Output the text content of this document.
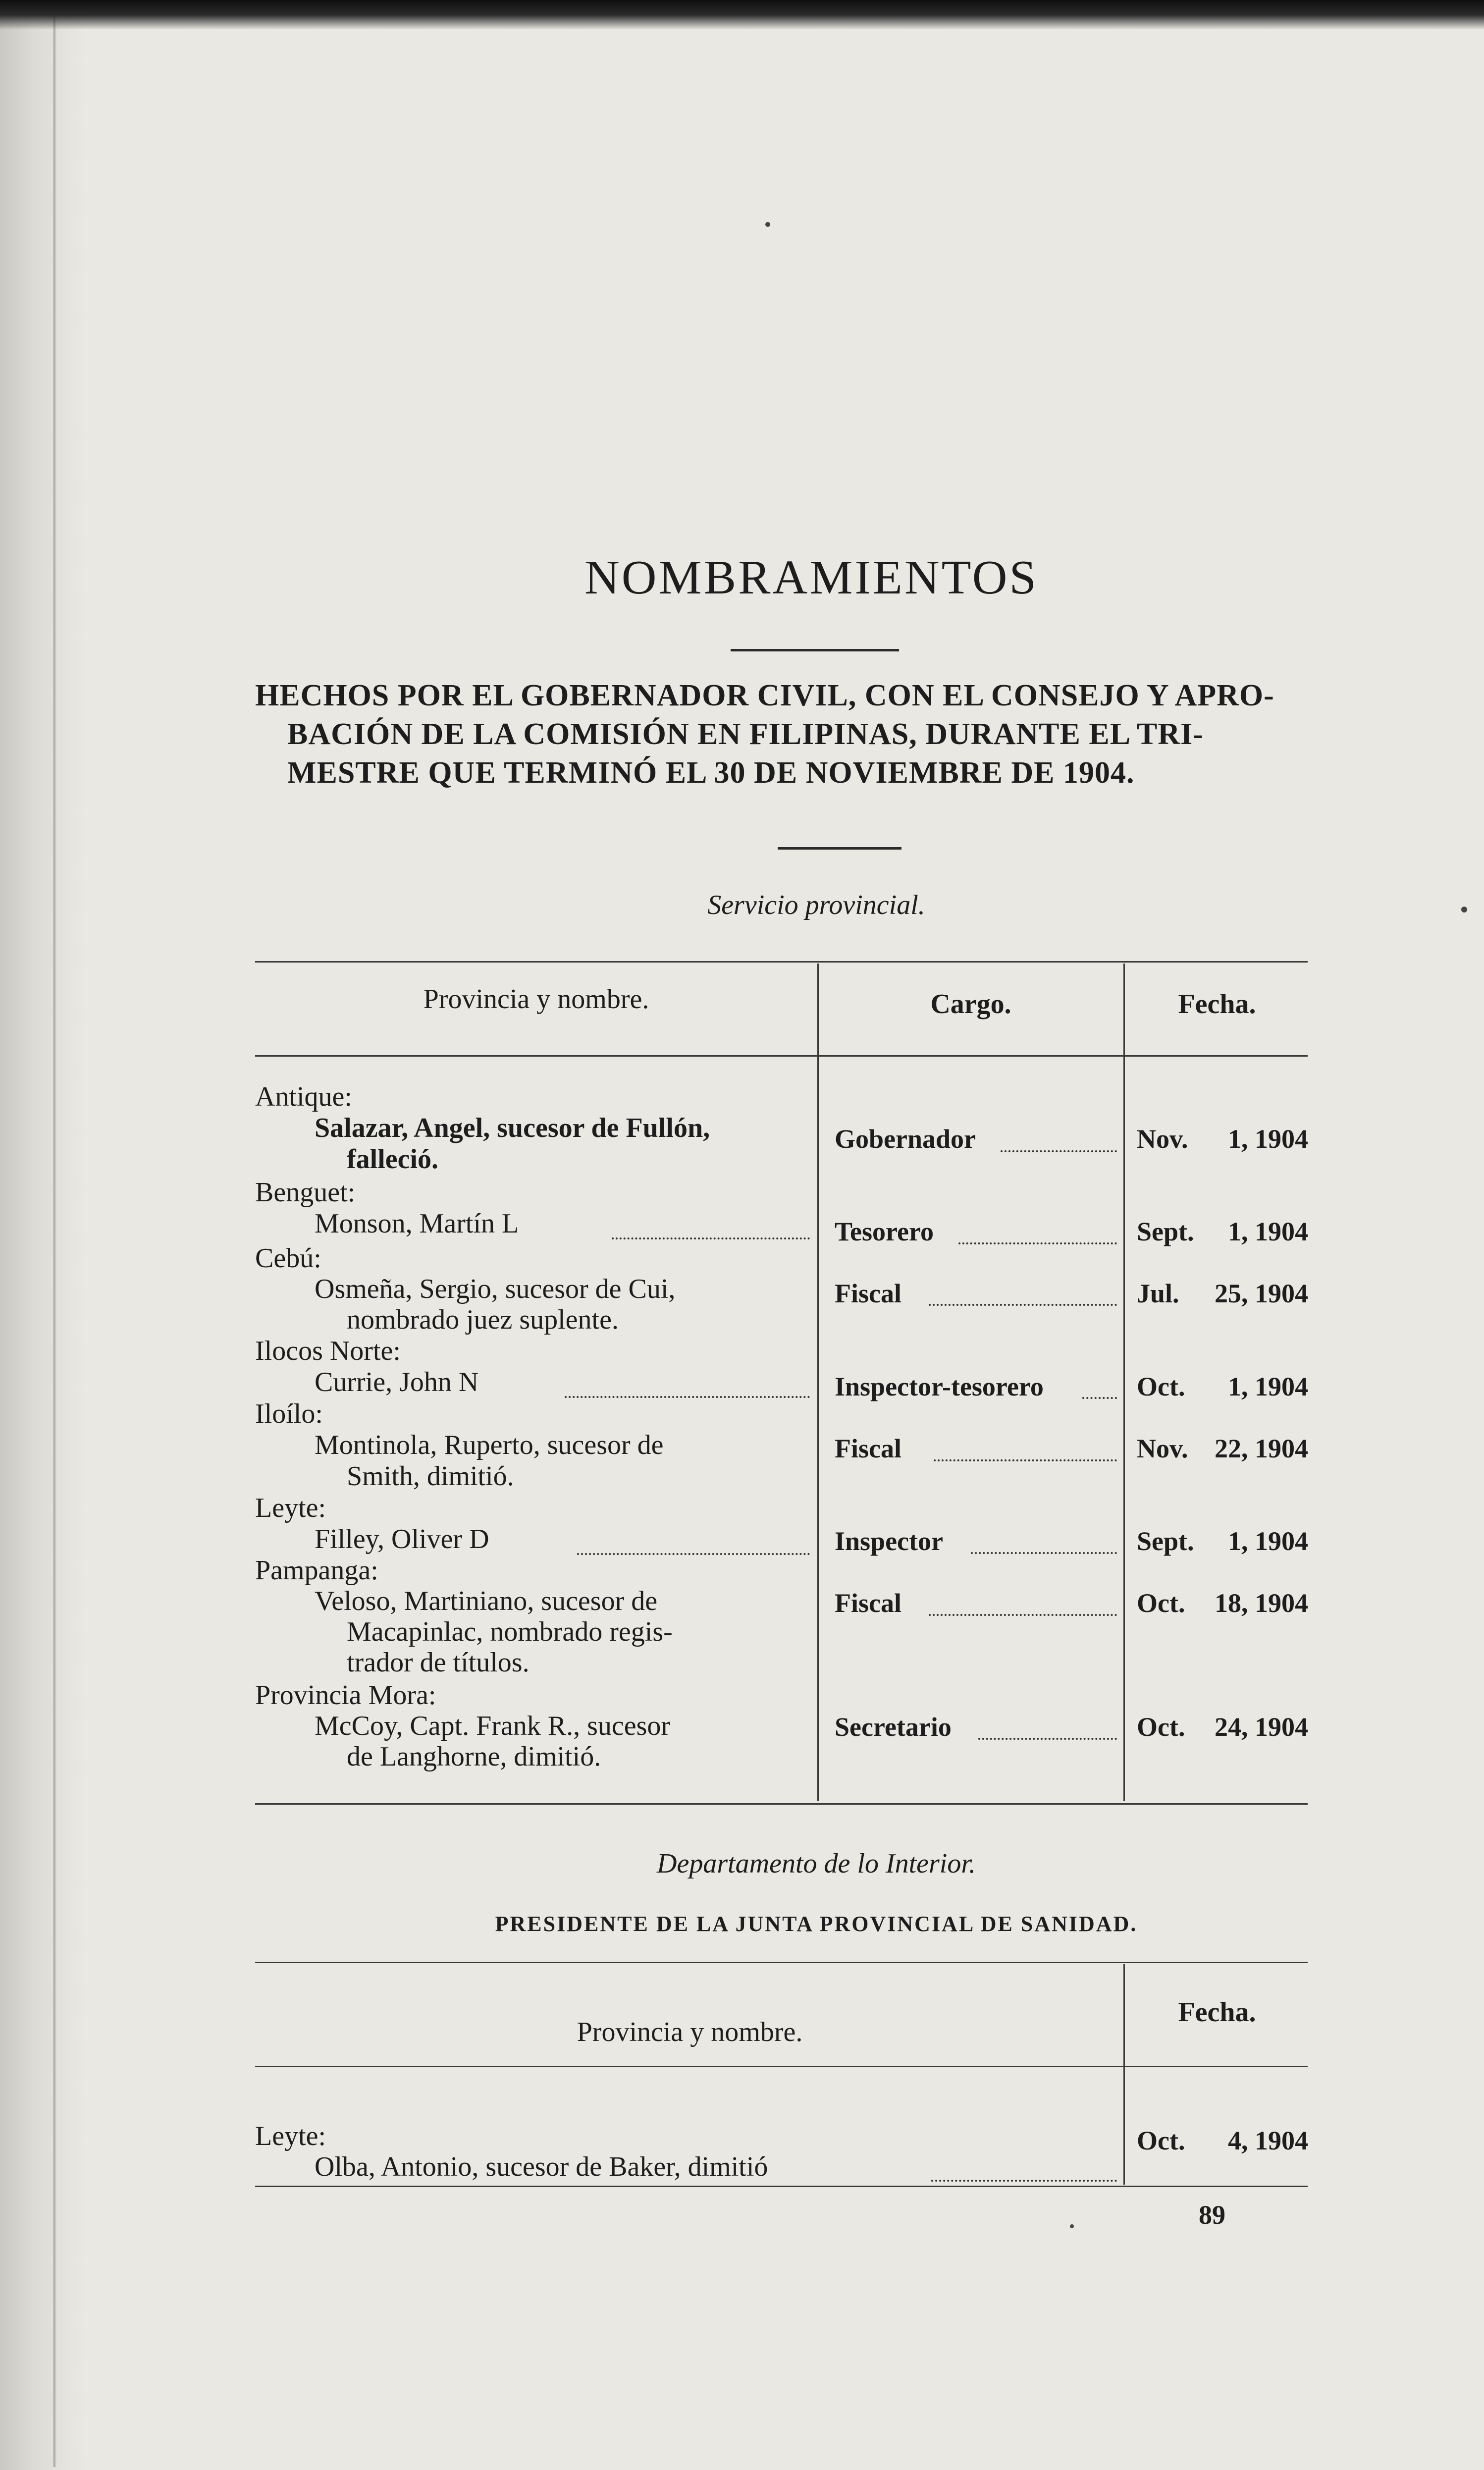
NOMBRAMIENTOS
HECHOS POR EL GOBERNADOR CIVIL, CON EL CONSEJO Y APRO-
BACIÓN DE LA COMISIÓN EN FILIPINAS, DURANTE EL TRI-
MESTRE QUE TERMINÓ EL 30 DE NOVIEMBRE DE 1904.
Servicio provincial.
Provincia y nombre.	Cargo.	Fecha.
Antique:
Salazar, Angel, sucesor de Fullón,
falleció.
Gobernador	Nov. 1, 1904
Benguet:
Monson, Martín L	Tesorero	Sept. 1, 1904
Cebú:
Osmeña, Sergio, sucesor de Cui,
nombrado juez suplente.
Fiscal	Jul. 25, 1904
Ilocos Norte:
Currie, John N	Inspector-tesorero	Oct. 1, 1904
Iloílo:
Montinola, Ruperto, sucesor de
Smith, dimitió.
Fiscal	Nov. 22, 1904
Leyte:
Filley, Oliver D	Inspector	Sept. 1, 1904
Pampanga:
Veloso, Martiniano, sucesor de
Macapinlac, nombrado regis-
trador de títulos.
Fiscal	Oct. 18, 1904
Provincia Mora:
McCoy, Capt. Frank R., sucesor
de Langhorne, dimitió.
Secretario	Oct. 24, 1904
Departamento de lo Interior.
PRESIDENTE DE LA JUNTA PROVINCIAL DE SANIDAD.
Provincia y nombre.
Fecha.
Leyte:
Olba, Antonio, sucesor de Baker, dimitió
Oct. 4, 1904
89
